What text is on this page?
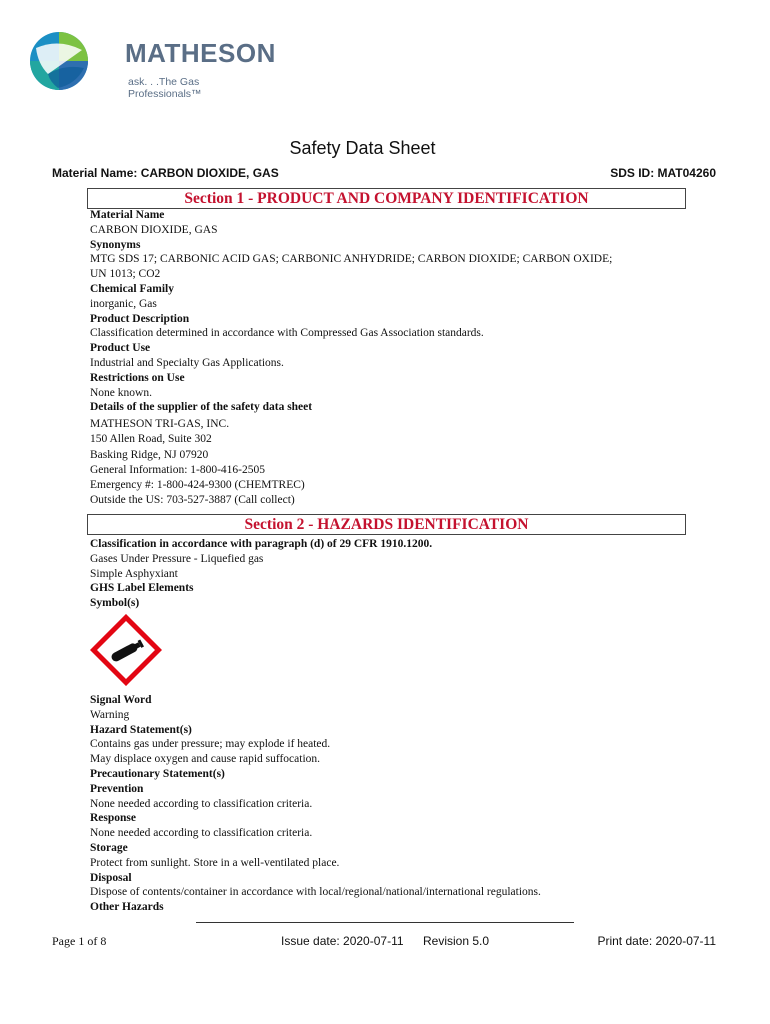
MATHESON
ask. . .The Gas Professionals™
Safety Data Sheet
Material Name: CARBON DIOXIDE, GAS	SDS ID: MAT04260
Section 1 - PRODUCT AND COMPANY IDENTIFICATION
Material Name
CARBON DIOXIDE, GAS
Synonyms
MTG SDS 17; CARBONIC ACID GAS; CARBONIC ANHYDRIDE; CARBON DIOXIDE; CARBON OXIDE;
UN 1013; CO2
Chemical Family
inorganic, Gas
Product Description
Classification determined in accordance with Compressed Gas Association standards.
Product Use
Industrial and Specialty Gas Applications.
Restrictions on Use
None known.
Details of the supplier of the safety data sheet
MATHESON TRI-GAS, INC.
150 Allen Road, Suite 302
Basking Ridge, NJ 07920
General Information: 1-800-416-2505
Emergency #: 1-800-424-9300 (CHEMTREC)
Outside the US: 703-527-3887 (Call collect)
Section 2 - HAZARDS IDENTIFICATION
Classification in accordance with paragraph (d) of 29 CFR 1910.1200.
Gases Under Pressure - Liquefied gas
Simple Asphyxiant
GHS Label Elements
Symbol(s)
Signal Word
Warning
Hazard Statement(s)
Contains gas under pressure; may explode if heated.
May displace oxygen and cause rapid suffocation.
Precautionary Statement(s)
Prevention
None needed according to classification criteria.
Response
None needed according to classification criteria.
Storage
Protect from sunlight. Store in a well-ventilated place.
Disposal
Dispose of contents/container in accordance with local/regional/national/international regulations.
Other Hazards
Page 1 of 8	Issue date: 2020-07-11 Revision 5.0	Print date: 2020-07-11
